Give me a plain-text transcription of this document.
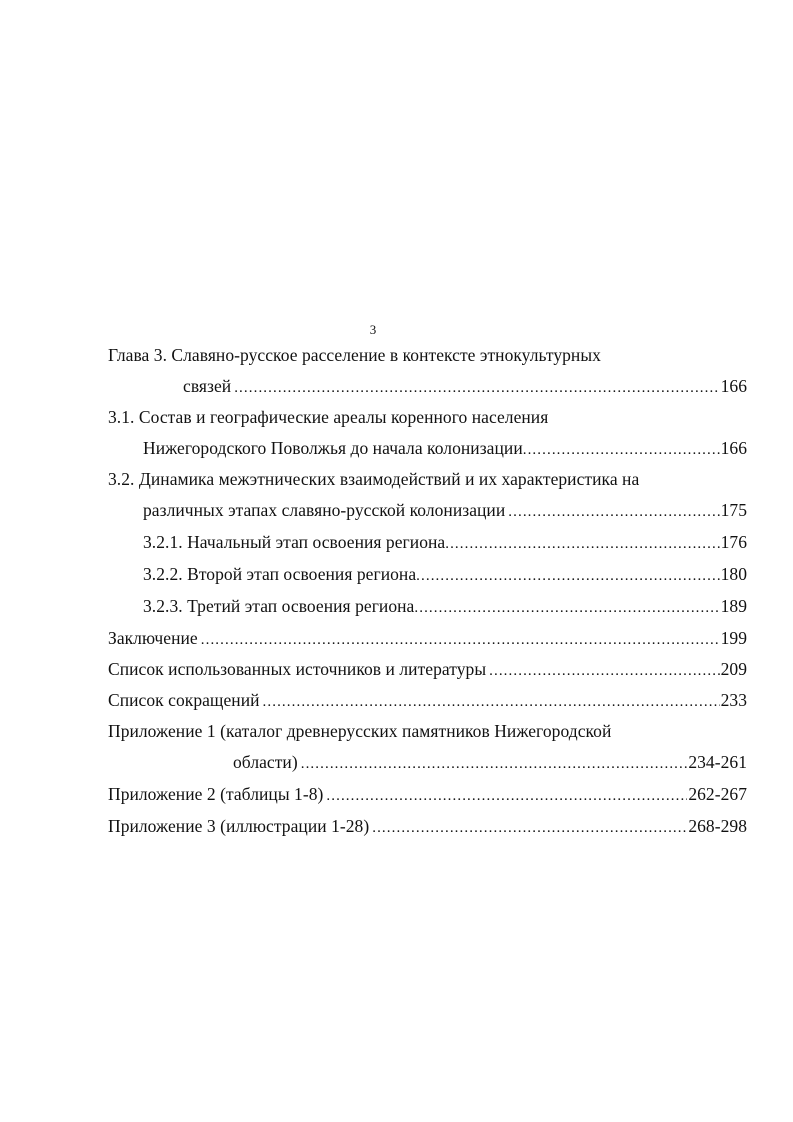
3
Глава 3. Славяно-русское расселение в контексте этнокультурных
связей .....	166
3.1. Состав и географические ареалы коренного населения
Нижегородского Поволжья до начала колонизации .....	166
3.2. Динамика межэтнических взаимодействий и их характеристика на
различных этапах славяно-русской колонизации .....	175
3.2.1. Начальный этап освоения региона .....	176
3.2.2. Второй этап освоения региона .....	180
3.2.3. Третий этап освоения региона .....	189
Заключение .....	199
Список использованных источников и литературы .....	209
Список сокращений .....	233
Приложение 1 (каталог древнерусских памятников Нижегородской
области) .....	234-261
Приложение 2 (таблицы 1-8) .....	262-267
Приложение 3 (иллюстрации 1-28) .....	268-298
